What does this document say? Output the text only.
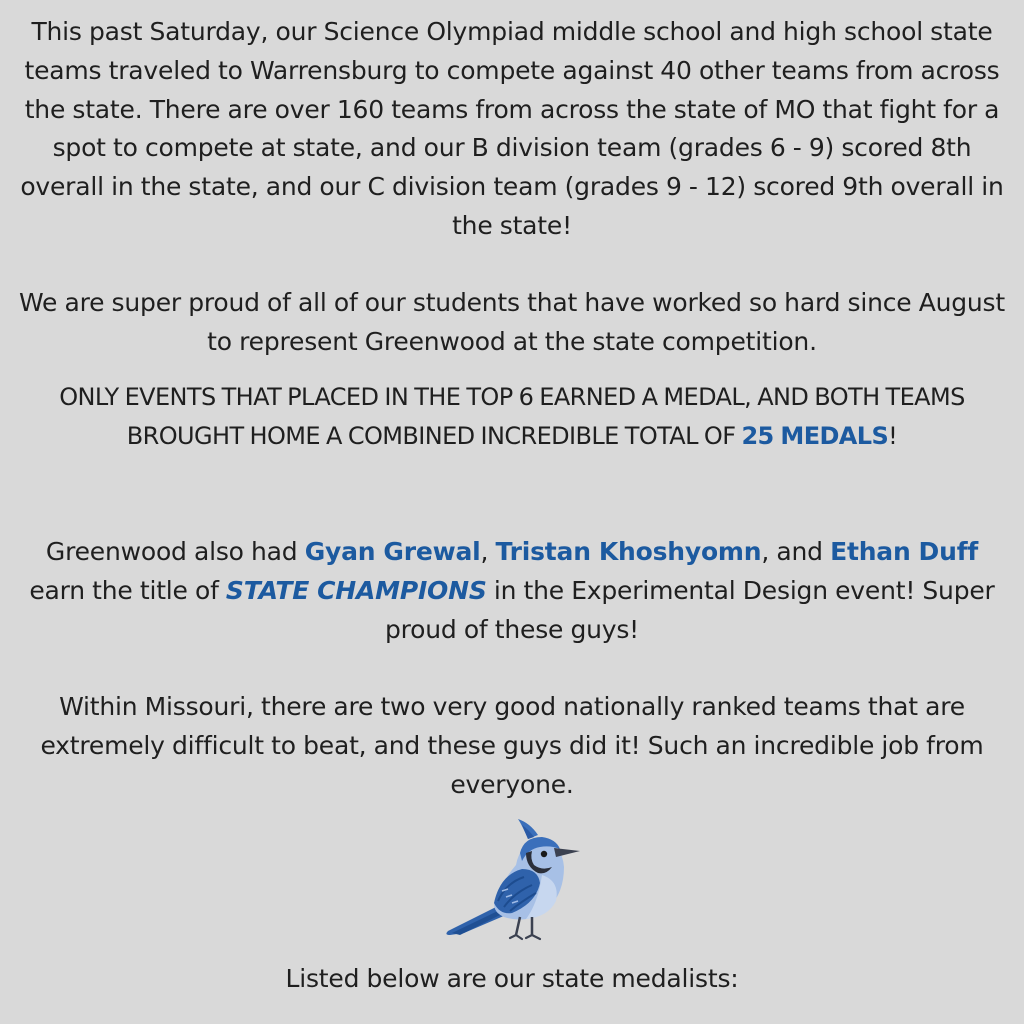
This past Saturday, our Science Olympiad middle school and high school state teams traveled to Warrensburg to compete against 40 other teams from across the state. There are over 160 teams from across the state of MO that fight for a spot to compete at state, and our B division team (grades 6 - 9) scored 8th overall in the state, and our C division team (grades 9 - 12) scored 9th overall in the state!

We are super proud of all of our students that have worked so hard since August to represent Greenwood at the state competition.

ONLY EVENTS THAT PLACED IN THE TOP 6 EARNED A MEDAL, AND BOTH TEAMS BROUGHT HOME A COMBINED INCREDIBLE TOTAL OF 25 MEDALS!

Greenwood also had Gyan Grewal, Tristan Khoshyomn, and Ethan Duff earn the title of STATE CHAMPIONS in the Experimental Design event! Super proud of these guys!

Within Missouri, there are two very good nationally ranked teams that are extremely difficult to beat, and these guys did it! Such an incredible job from everyone.

Listed below are our state medalists:
